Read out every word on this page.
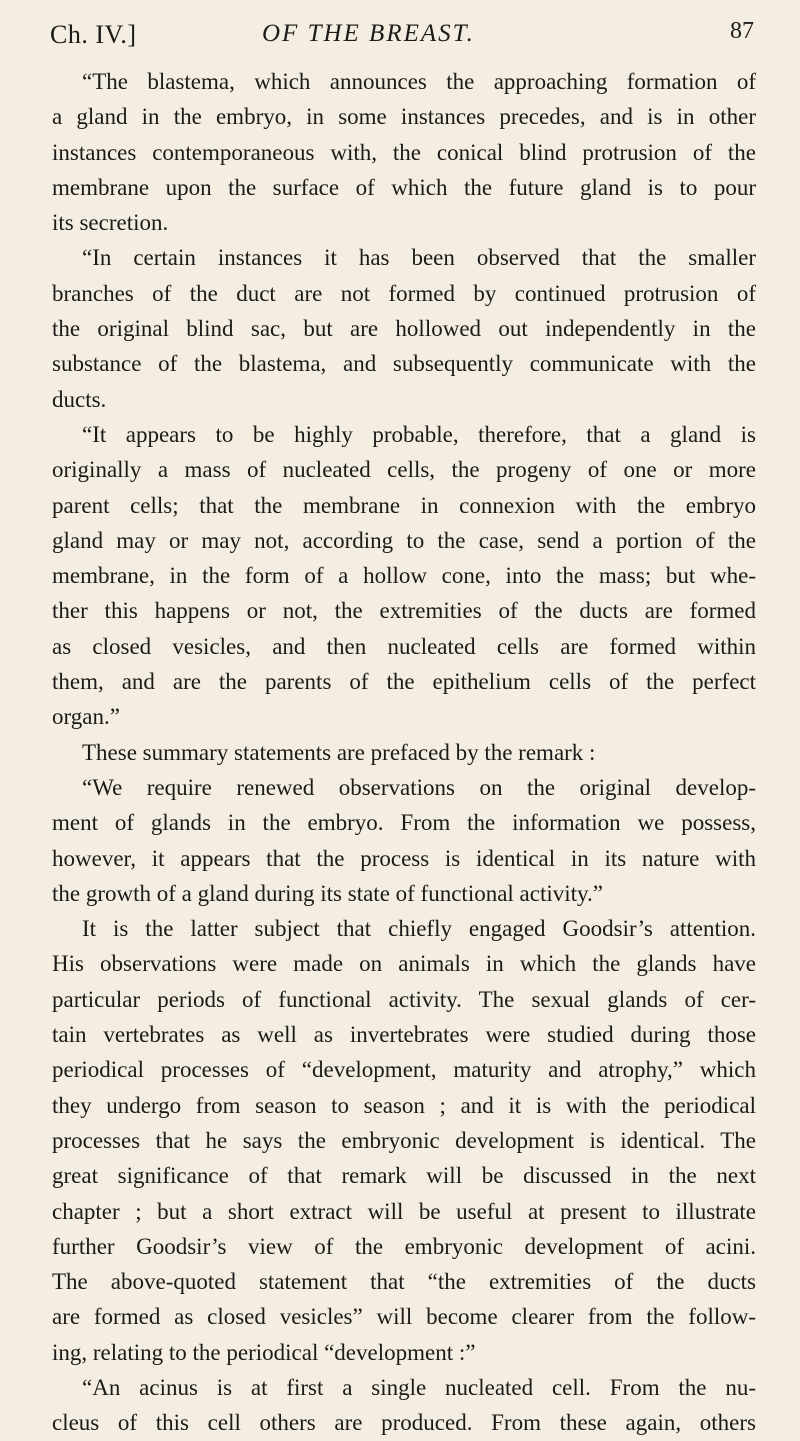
Ch. IV.]	OF THE BREAST.	87
“The blastema, which announces the approaching formation of
a gland in the embryo, in some instances precedes, and is in other
instances contemporaneous with, the conical blind protrusion of the
membrane upon the surface of which the future gland is to pour
its secretion.
“In certain instances it has been observed that the smaller
branches of the duct are not formed by continued protrusion of
the original blind sac, but are hollowed out independently in the
substance of the blastema, and subsequently communicate with the
ducts.
“It appears to be highly probable, therefore, that a gland is
originally a mass of nucleated cells, the progeny of one or more
parent cells; that the membrane in connexion with the embryo
gland may or may not, according to the case, send a portion of the
membrane, in the form of a hollow cone, into the mass; but whe-
ther this happens or not, the extremities of the ducts are formed
as closed vesicles, and then nucleated cells are formed within
them, and are the parents of the epithelium cells of the perfect
organ.”
These summary statements are prefaced by the remark :
“We require renewed observations on the original develop-
ment of glands in the embryo. From the information we possess,
however, it appears that the process is identical in its nature with
the growth of a gland during its state of functional activity.”
It is the latter subject that chiefly engaged Goodsir’s attention.
His observations were made on animals in which the glands have
particular periods of functional activity. The sexual glands of cer-
tain vertebrates as well as invertebrates were studied during those
periodical processes of “development, maturity and atrophy,” which
they undergo from season to season ; and it is with the periodical
processes that he says the embryonic development is identical. The
great significance of that remark will be discussed in the next
chapter ; but a short extract will be useful at present to illustrate
further Goodsir’s view of the embryonic development of acini.
The above-quoted statement that “the extremities of the ducts
are formed as closed vesicles” will become clearer from the follow-
ing, relating to the periodical “development :”
“An acinus is at first a single nucleated cell. From the nu-
cleus of this cell others are produced. From these again, others
